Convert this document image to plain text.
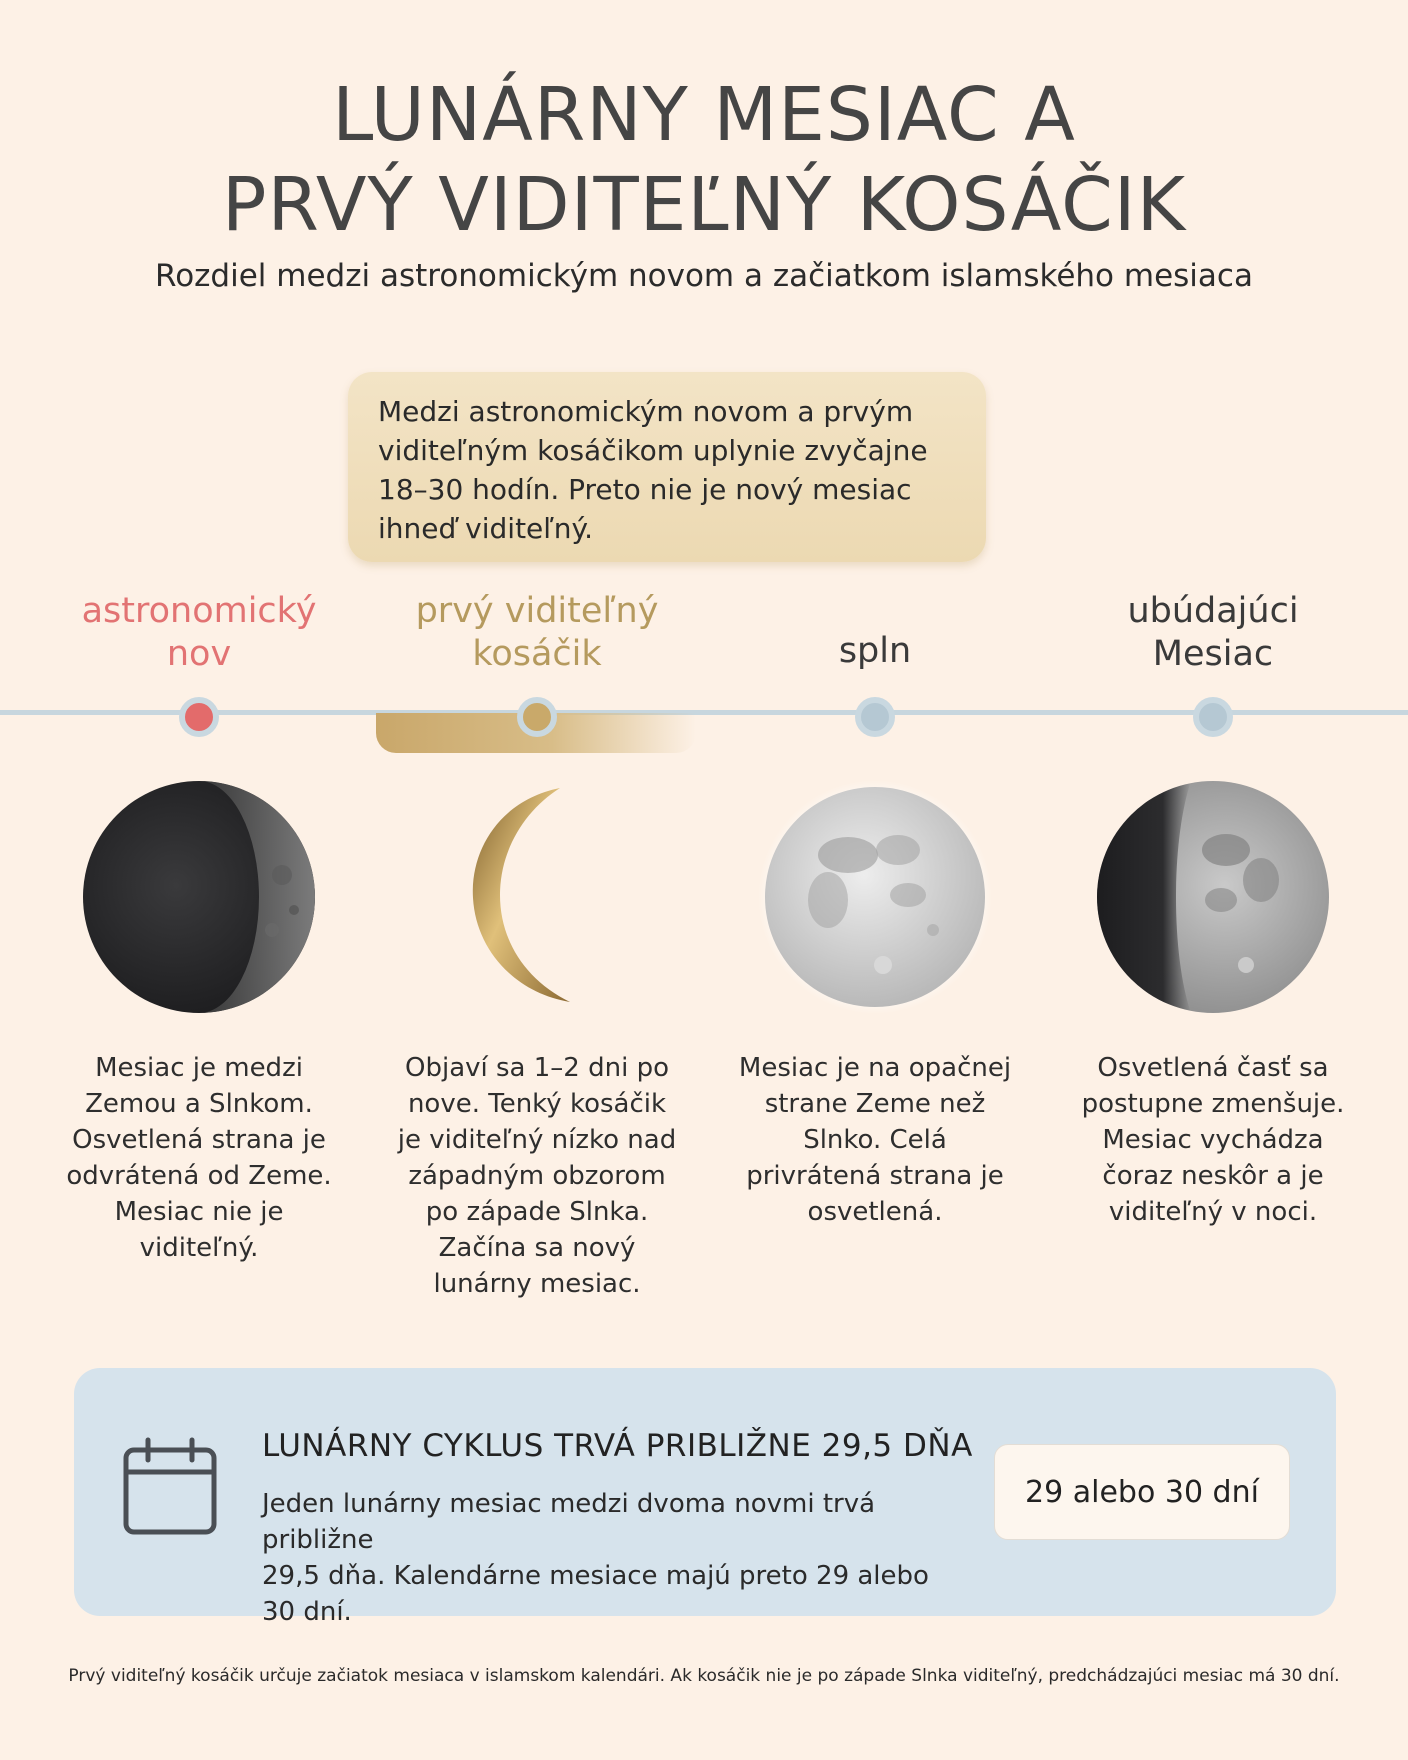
LUNÁRNY MESIAC A
PRVÝ VIDITEĽNÝ KOSÁČIK
Rozdiel medzi astronomickým novom a začiatkom islamského mesiaca
Medzi astronomickým novom a prvým
viditeľným kosáčikom uplynie zvyčajne
18–30 hodín. Preto nie je nový mesiac
ihneď viditeľný.
astronomický
nov
prvý viditeľný
kosáčik	spln
ubúdajúci
Mesiac
Mesiac je medzi
Zemou a Slnkom.
Osvetlená strana je
odvrátená od Zeme.
Mesiac nie je
viditeľný.
Objaví sa 1–2 dni po
nove. Tenký kosáčik
je viditeľný nízko nad
západným obzorom
po západe Slnka.
Začína sa nový
lunárny mesiac.
Mesiac je na opačnej
strane Zeme než
Slnko. Celá
privrátená strana je
osvetlená.
Osvetlená časť sa
postupne zmenšuje.
Mesiac vychádza
čoraz neskôr a je
viditeľný v noci.
LUNÁRNY CYKLUS TRVÁ PRIBLIŽNE 29,5 DŇA
Jeden lunárny mesiac medzi dvoma novmi trvá približne
29,5 dňa. Kalendárne mesiace majú preto 29 alebo 30 dní.
29 alebo 30 dní
Prvý viditeľný kosáčik určuje začiatok mesiaca v islamskom kalendári. Ak kosáčik nie je po západe Slnka viditeľný, predchádzajúci mesiac má 30 dní.
